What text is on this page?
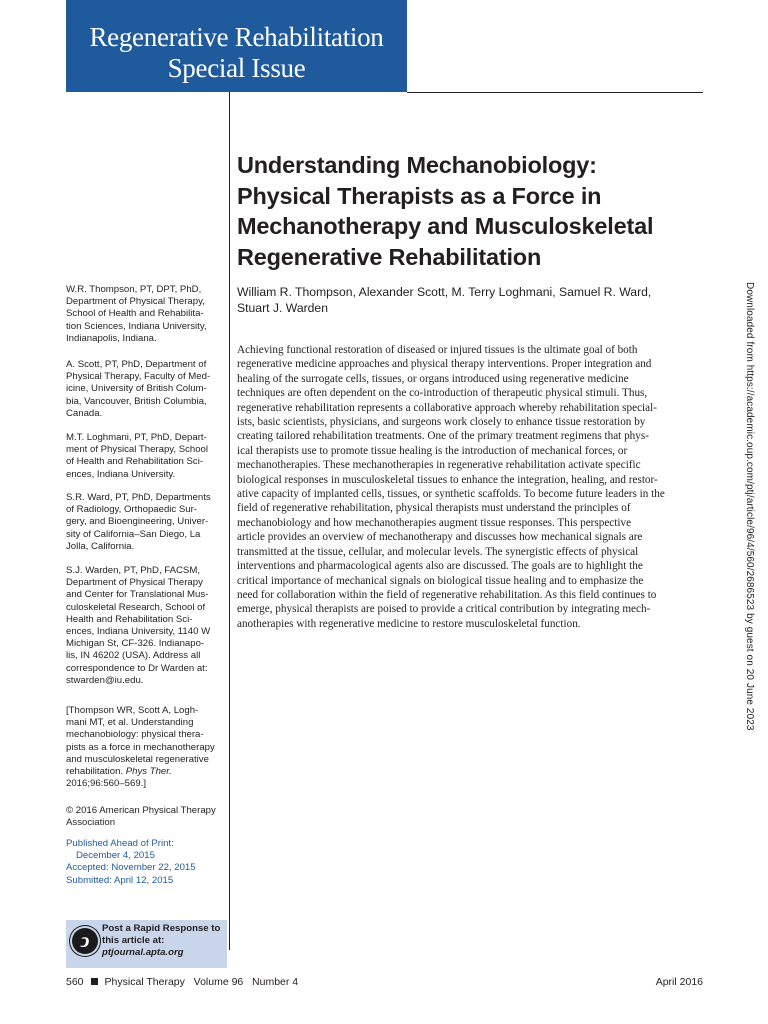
Regenerative Rehabilitation
Special Issue
Understanding Mechanobiology:
Physical Therapists as a Force in
Mechanotherapy and Musculoskeletal
Regenerative Rehabilitation
William R. Thompson, Alexander Scott, M. Terry Loghmani, Samuel R. Ward,
Stuart J. Warden
Achieving functional restoration of diseased or injured tissues is the ultimate goal of both
regenerative medicine approaches and physical therapy interventions. Proper integration and
healing of the surrogate cells, tissues, or organs introduced using regenerative medicine
techniques are often dependent on the co-introduction of therapeutic physical stimuli. Thus,
regenerative rehabilitation represents a collaborative approach whereby rehabilitation special-
ists, basic scientists, physicians, and surgeons work closely to enhance tissue restoration by
creating tailored rehabilitation treatments. One of the primary treatment regimens that phys-
ical therapists use to promote tissue healing is the introduction of mechanical forces, or
mechanotherapies. These mechanotherapies in regenerative rehabilitation activate specific
biological responses in musculoskeletal tissues to enhance the integration, healing, and restor-
ative capacity of implanted cells, tissues, or synthetic scaffolds. To become future leaders in the
field of regenerative rehabilitation, physical therapists must understand the principles of
mechanobiology and how mechanotherapies augment tissue responses. This perspective
article provides an overview of mechanotherapy and discusses how mechanical signals are
transmitted at the tissue, cellular, and molecular levels. The synergistic effects of physical
interventions and pharmacological agents also are discussed. The goals are to highlight the
critical importance of mechanical signals on biological tissue healing and to emphasize the
need for collaboration within the field of regenerative rehabilitation. As this field continues to
emerge, physical therapists are poised to provide a critical contribution by integrating mech-
anotherapies with regenerative medicine to restore musculoskeletal function.
W.R. Thompson, PT, DPT, PhD,
Department of Physical Therapy,
School of Health and Rehabilita-
tion Sciences, Indiana University,
Indianapolis, Indiana.
A. Scott, PT, PhD, Department of
Physical Therapy, Faculty of Med-
icine, University of British Colum-
bia, Vancouver, British Columbia,
Canada.
M.T. Loghmani, PT, PhD, Depart-
ment of Physical Therapy, School
of Health and Rehabilitation Sci-
ences, Indiana University.
S.R. Ward, PT, PhD, Departments
of Radiology, Orthopaedic Sur-
gery, and Bioengineering, Univer-
sity of California–San Diego, La
Jolla, California.
S.J. Warden, PT, PhD, FACSM,
Department of Physical Therapy
and Center for Translational Mus-
culoskeletal Research, School of
Health and Rehabilitation Sci-
ences, Indiana University, 1140 W
Michigan St, CF-326. Indianapo-
lis, IN 46202 (USA). Address all
correspondence to Dr Warden at:
stwarden@iu.edu.
[Thompson WR, Scott A, Logh-
mani MT, et al. Understanding
mechanobiology: physical thera-
pists as a force in mechanotherapy
and musculoskeletal regenerative
rehabilitation. Phys Ther.
2016;96:560–569.]
© 2016 American Physical Therapy
Association
Published Ahead of Print:
December 4, 2015
Accepted: November 22, 2015
Submitted: April 12, 2015
ↄ
Post a Rapid Response to
this article at:
ptjournal.apta.org
560 Physical Therapy Volume 96 Number 4	April 2016
Downloaded from https://academic.oup.com/ptj/article/96/4/560/2686523 by guest on 20 June 2023
